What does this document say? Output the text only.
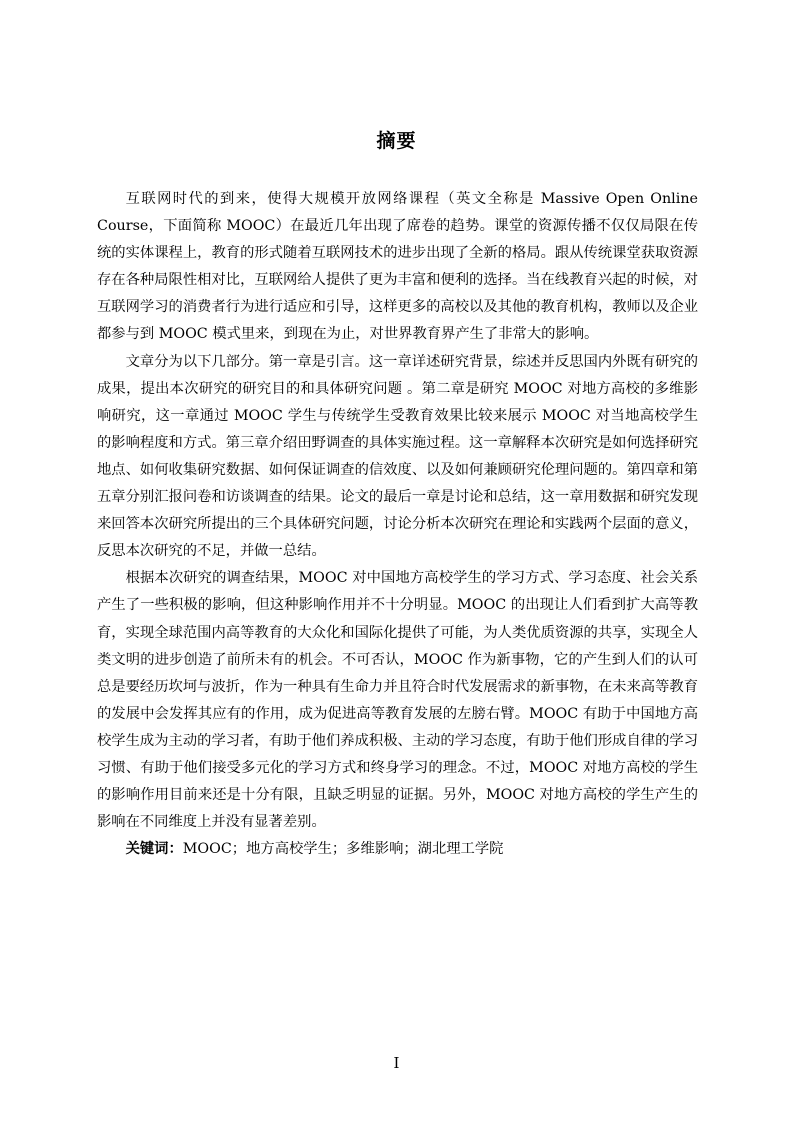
摘要

互联网时代的到来，使得大规模开放网络课程（英文全称是 Massive Open Online Course，下面简称 MOOC）在最近几年出现了席卷的趋势。课堂的资源传播不仅仅局限在传统的实体课程上，教育的形式随着互联网技术的进步出现了全新的格局。跟从传统课堂获取资源存在各种局限性相对比，互联网给人提供了更为丰富和便利的选择。当在线教育兴起的时候，对互联网学习的消费者行为进行适应和引导，这样更多的高校以及其他的教育机构，教师以及企业都参与到 MOOC 模式里来，到现在为止，对世界教育界产生了非常大的影响。

文章分为以下几部分。第一章是引言。这一章详述研究背景，综述并反思国内外既有研究的成果，提出本次研究的研究目的和具体研究问题 。第二章是研究 MOOC 对地方高校的多维影响研究，这一章通过 MOOC 学生与传统学生受教育效果比较来展示 MOOC 对当地高校学生的影响程度和方式。第三章介绍田野调查的具体实施过程。这一章解释本次研究是如何选择研究地点、如何收集研究数据、如何保证调查的信效度、以及如何兼顾研究伦理问题的。第四章和第五章分别汇报问卷和访谈调查的结果。论文的最后一章是讨论和总结，这一章用数据和研究发现来回答本次研究所提出的三个具体研究问题，讨论分析本次研究在理论和实践两个层面的意义，反思本次研究的不足，并做一总结。

根据本次研究的调查结果，MOOC 对中国地方高校学生的学习方式、学习态度、社会关系产生了一些积极的影响，但这种影响作用并不十分明显。MOOC 的出现让人们看到扩大高等教育，实现全球范围内高等教育的大众化和国际化提供了可能，为人类优质资源的共享，实现全人类文明的进步创造了前所未有的机会。不可否认，MOOC 作为新事物，它的产生到人们的认可总是要经历坎坷与波折，作为一种具有生命力并且符合时代发展需求的新事物，在未来高等教育的发展中会发挥其应有的作用，成为促进高等教育发展的左膀右臂。MOOC 有助于中国地方高校学生成为主动的学习者，有助于他们养成积极、主动的学习态度，有助于他们形成自律的学习习惯、有助于他们接受多元化的学习方式和终身学习的理念。不过，MOOC 对地方高校的学生的影响作用目前来还是十分有限，且缺乏明显的证据。另外，MOOC 对地方高校的学生产生的影响在不同维度上并没有显著差别。

关键词：MOOC；地方高校学生；多维影响；湖北理工学院

I
